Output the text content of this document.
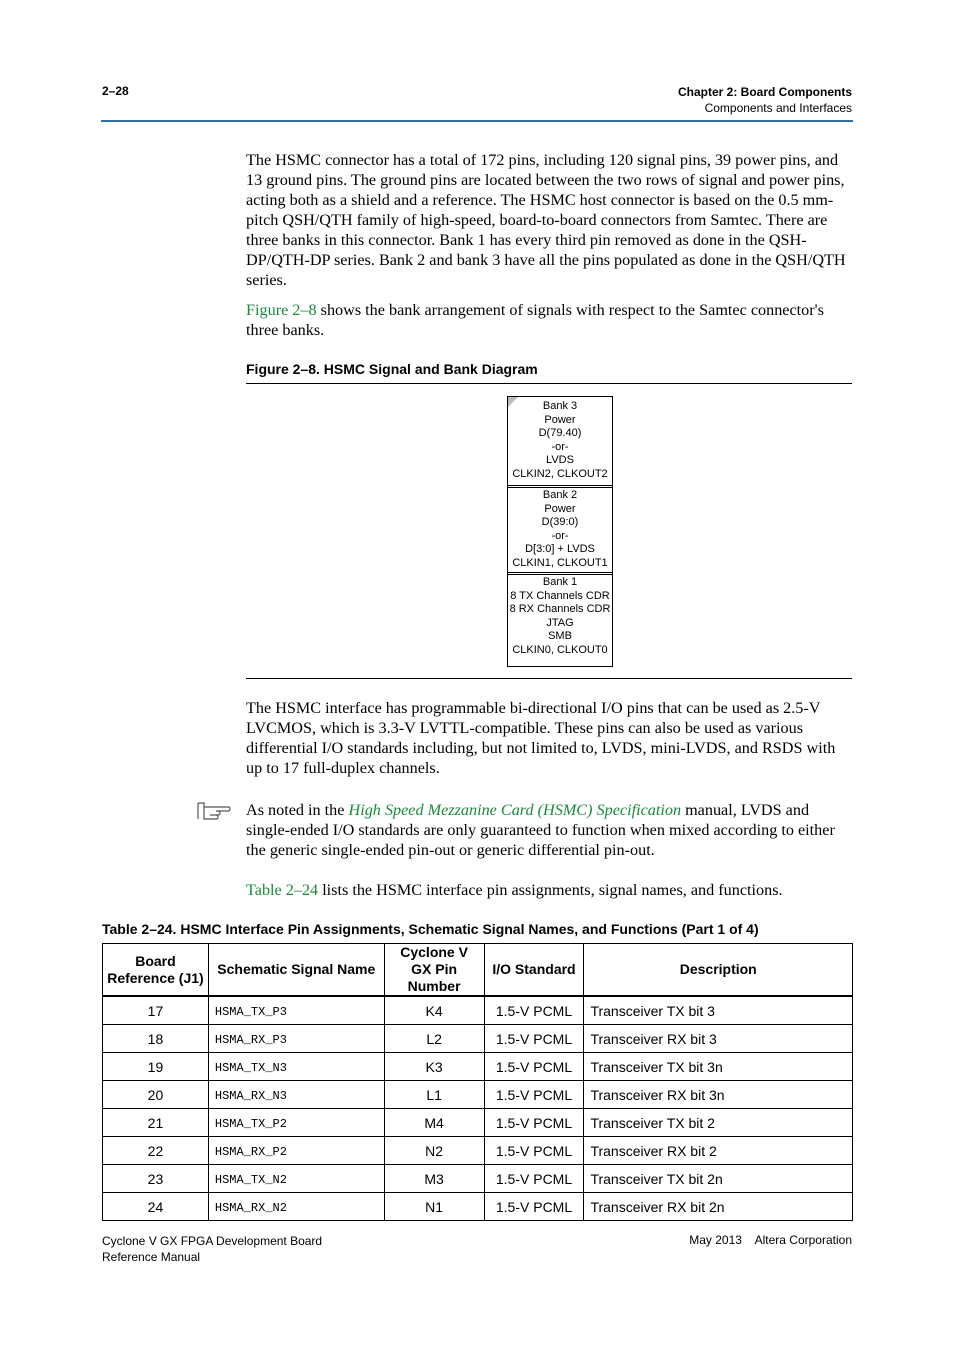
2–28	Chapter 2: Board Components
Components and Interfaces
The HSMC connector has a total of 172 pins, including 120 signal pins, 39 power pins, and 13 ground pins. The ground pins are located between the two rows of signal and power pins, acting both as a shield and a reference. The HSMC host connector is based on the 0.5 mm-pitch QSH/QTH family of high-speed, board-to-board connectors from Samtec. There are three banks in this connector. Bank 1 has every third pin removed as done in the QSH-DP/QTH-DP series. Bank 2 and bank 3 have all the pins populated as done in the QSH/QTH series.
Figure 2–8 shows the bank arrangement of signals with respect to the Samtec connector's three banks.
Figure 2–8. HSMC Signal and Bank Diagram
Bank 3
Power
D(79.40)
-or-
LVDS
CLKIN2, CLKOUT2
Bank 2
Power
D(39:0)
-or-
D[3:0] + LVDS
CLKIN1, CLKOUT1
Bank 1
8 TX Channels CDR
8 RX Channels CDR
JTAG
SMB
CLKIN0, CLKOUT0
The HSMC interface has programmable bi-directional I/O pins that can be used as 2.5-V LVCMOS, which is 3.3-V LVTTL-compatible. These pins can also be used as various differential I/O standards including, but not limited to, LVDS, mini-LVDS, and RSDS with up to 17 full-duplex channels.
As noted in the High Speed Mezzanine Card (HSMC) Specification manual, LVDS and single-ended I/O standards are only guaranteed to function when mixed according to either the generic single-ended pin-out or generic differential pin-out.
Table 2–24 lists the HSMC interface pin assignments, signal names, and functions.
Table 2–24. HSMC Interface Pin Assignments, Schematic Signal Names, and Functions (Part 1 of 4)
Board Reference (J1)	Schematic Signal Name	Cyclone V GX Pin Number	I/O Standard	Description
17	HSMA_TX_P3	K4	1.5-V PCML	Transceiver TX bit 3
18	HSMA_RX_P3	L2	1.5-V PCML	Transceiver RX bit 3
19	HSMA_TX_N3	K3	1.5-V PCML	Transceiver TX bit 3n
20	HSMA_RX_N3	L1	1.5-V PCML	Transceiver RX bit 3n
21	HSMA_TX_P2	M4	1.5-V PCML	Transceiver TX bit 2
22	HSMA_RX_P2	N2	1.5-V PCML	Transceiver RX bit 2
23	HSMA_TX_N2	M3	1.5-V PCML	Transceiver TX bit 2n
24	HSMA_RX_N2	N1	1.5-V PCML	Transceiver RX bit 2n
Cyclone V GX FPGA Development Board
Reference Manual
May 2013    Altera Corporation
